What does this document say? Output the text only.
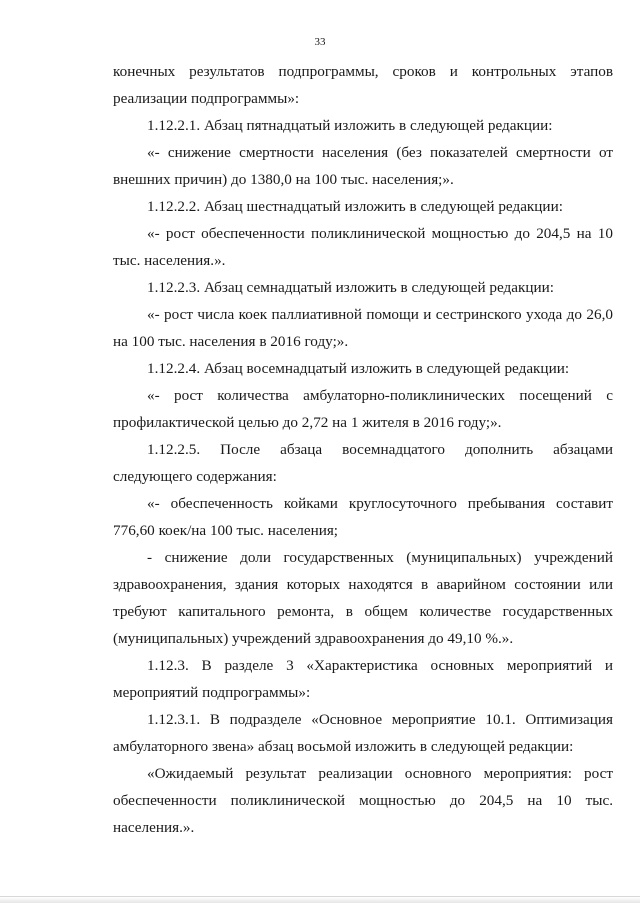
33

конечных результатов подпрограммы, сроков и контрольных этапов реализации подпрограммы»:

1.12.2.1. Абзац пятнадцатый изложить в следующей редакции:

«- снижение смертности населения (без показателей смертности от внешних причин) до 1380,0 на 100 тыс. населения;».

1.12.2.2. Абзац шестнадцатый изложить в следующей редакции:

«- рост обеспеченности поликлинической мощностью до 204,5 на 10 тыс. населения.».

1.12.2.3. Абзац семнадцатый изложить в следующей редакции:

«- рост числа коек паллиативной помощи и сестринского ухода до 26,0 на 100 тыс. населения в 2016 году;».

1.12.2.4. Абзац восемнадцатый изложить в следующей редакции:

«- рост количества амбулаторно-поликлинических посещений с профилактической целью до 2,72 на 1 жителя в 2016 году;».

1.12.2.5. После абзаца восемнадцатого дополнить абзацами следующего содержания:

«- обеспеченность койками круглосуточного пребывания составит 776,60 коек/на 100 тыс. населения;

- снижение доли государственных (муниципальных) учреждений здравоохранения, здания которых находятся в аварийном состоянии или требуют капитального ремонта, в общем количестве государственных (муниципальных) учреждений здравоохранения до 49,10 %.».

1.12.3. В разделе 3 «Характеристика основных мероприятий и мероприятий подпрограммы»:

1.12.3.1. В подразделе «Основное мероприятие 10.1. Оптимизация амбулаторного звена» абзац восьмой изложить в следующей редакции:

«Ожидаемый результат реализации основного мероприятия: рост обеспеченности поликлинической мощностью до 204,5 на 10 тыс. населения.».
